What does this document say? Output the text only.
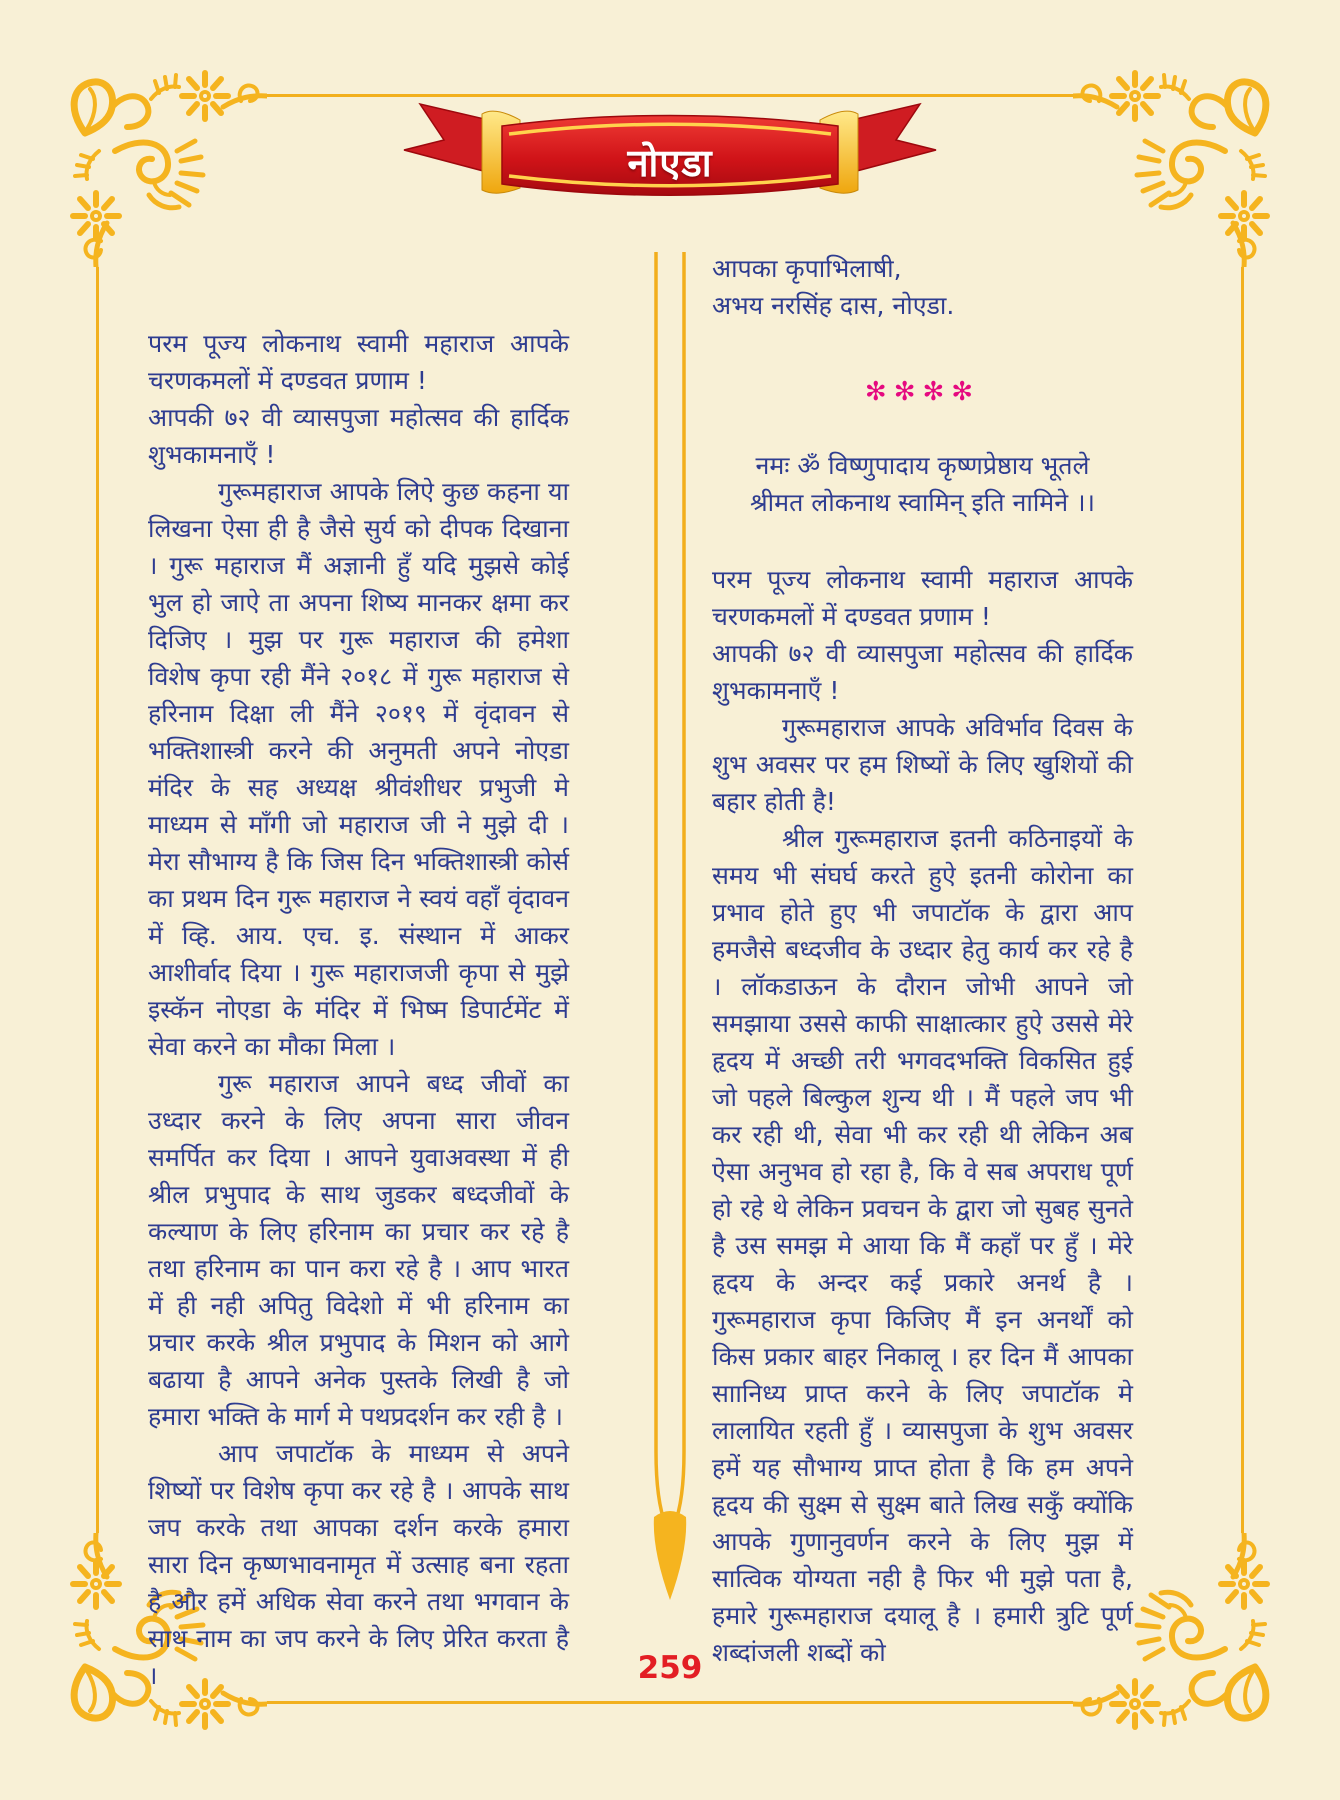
नोएडा

परम पूज्य लोकनाथ स्वामी महाराज आपके चरणकमलों में दण्डवत प्रणाम !

आपकी ७२ वी व्यासपुजा महोत्सव की हार्दिक शुभकामनाएँ !

गुरूमहाराज आपके लिऐ कुछ कहना या लिखना ऐसा ही है जैसे सुर्य को दीपक दिखाना । गुरू महाराज मैं अज्ञानी हुँ यदि मुझसे कोई भुल हो जाऐ ता अपना शिष्य मानकर क्षमा कर दिजिए । मुझ पर गुरू महाराज की हमेशा विशेष कृपा रही मैंने २०१८ में गुरू महाराज से हरिनाम दिक्षा ली मैंने २०१९ में वृंदावन से भक्तिशास्त्री करने की अनुमती अपने नोएडा मंदिर के सह अध्यक्ष श्रीवंशीधर प्रभुजी मे माध्यम से माँगी जो महाराज जी ने मुझे दी । मेरा सौभाग्य है कि जिस दिन भक्तिशास्त्री कोर्स का प्रथम दिन गुरू महाराज ने स्वयं वहाँ वृंदावन में व्हि. आय. एच. इ. संस्थान में आकर आशीर्वाद दिया । गुरू महाराजजी कृपा से मुझे इस्कॅन नोएडा के मंदिर में भिष्म डिपार्टमेंट में सेवा करने का मौका मिला ।

गुरू महाराज आपने बध्द जीवों का उध्दार करने के लिए अपना सारा जीवन समर्पित कर दिया । आपने युवाअवस्था में ही श्रील प्रभुपाद के साथ जुडकर बध्दजीवों के कल्याण के लिए हरिनाम का प्रचार कर रहे है तथा हरिनाम का पान करा रहे है । आप भारत में ही नही अपितु विदेशो में भी हरिनाम का प्रचार करके श्रील प्रभुपाद के मिशन को आगे बढाया है आपने अनेक पुस्तके लिखी है जो हमारा भक्ति के मार्ग मे पथप्रदर्शन कर रही है ।

आप जपाटॉक के माध्यम से अपने शिष्यों पर विशेष कृपा कर रहे है । आपके साथ जप करके तथा आपका दर्शन करके हमारा सारा दिन कृष्णभावनामृत में उत्साह बना रहता है और हमें अधिक सेवा करने तथा भगवान के साथ नाम का जप करने के लिए प्रेरित करता है ।

आपका कृपाभिलाषी,

अभय नरसिंह दास, नोएडा.

✻✻✻✻

नमः ॐ विष्णुपादाय कृष्णप्रेष्ठाय भूतले

श्रीमत लोकनाथ स्वामिन् इति नामिने ।।

परम पूज्य लोकनाथ स्वामी महाराज आपके चरणकमलों में दण्डवत प्रणाम !

आपकी ७२ वी व्यासपुजा महोत्सव की हार्दिक शुभकामनाएँ !

गुरूमहाराज आपके अविर्भाव दिवस के शुभ अवसर पर हम शिष्यों के लिए खुशियों की बहार होती है!

श्रील गुरूमहाराज इतनी कठिनाइयों के समय भी संघर्घ करते हुऐ इतनी कोरोना का प्रभाव होते हुए भी जपाटॉक के द्वारा आप हमजैसे बध्दजीव के उध्दार हेतु कार्य कर रहे है । लॉकडाऊन के दौरान जोभी आपने जो समझाया उससे काफी साक्षात्कार हुऐ उससे मेरे हृदय में अच्छी तरी भगवदभक्ति विकसित हुई जो पहले बिल्कुल शुन्य थी । मैं पहले जप भी कर रही थी, सेवा भी कर रही थी लेकिन अब ऐसा अनुभव हो रहा है, कि वे सब अपराध पूर्ण हो रहे थे लेकिन प्रवचन के द्वारा जो सुबह सुनते है उस समझ मे आया कि मैं कहाँ पर हुँ । मेरे हृदय के अन्दर कई प्रकारे अनर्थ है । गुरूमहाराज कृपा किजिए मैं इन अनर्थों को किस प्रकार बाहर निकालू । हर दिन मैं आपका साानिध्य प्राप्त करने के लिए जपाटॉक मे लालायित रहती हुँ । व्यासपुजा के शुभ अवसर हमें यह सौभाग्य प्राप्त होता है कि हम अपने हृदय की सुक्ष्म से सुक्ष्म बाते लिख सकुँ क्योंकि आपके गुणानुवर्णन करने के लिए मुझ में सात्विक योग्यता नही है फिर भी मुझे पता है, हमारे गुरूमहाराज दयालू है । हमारी त्रुटि पूर्ण शब्दांजली शब्दों को

259
